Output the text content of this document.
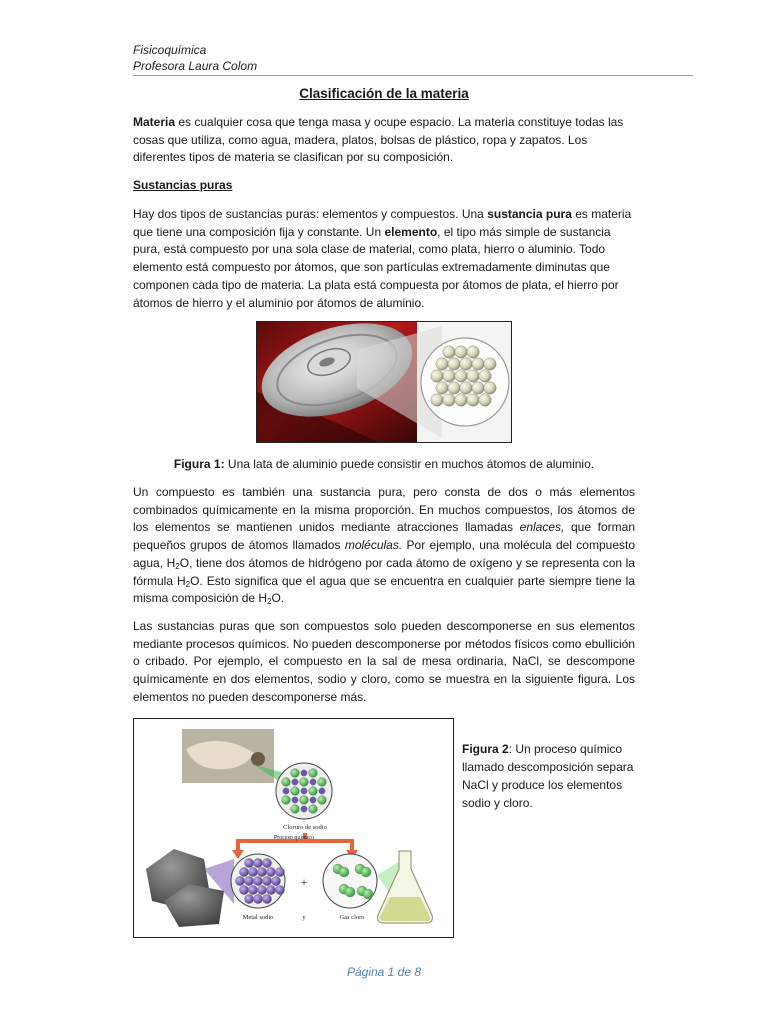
Fisicoquímica
Profesora Laura Colom
Clasificación de la materia

Materia es cualquier cosa que tenga masa y ocupe espacio. La materia constituye todas las cosas que utiliza, como agua, madera, platos, bolsas de plástico, ropa y zapatos. Los diferentes tipos de materia se clasifican por su composición.

Sustancias puras

Hay dos tipos de sustancias puras: elementos y compuestos. Una sustancia pura es materia que tiene una composición fija y constante. Un elemento, el tipo más simple de sustancia pura, está compuesto por una sola clase de material, como plata, hierro o aluminio. Todo elemento está compuesto por átomos, que son partículas extremadamente diminutas que componen cada tipo de materia. La plata está compuesta por átomos de plata, el hierro por átomos de hierro y el aluminio por átomos de aluminio.

Figura 1: Una lata de aluminio puede consistir en muchos átomos de aluminio.

Un compuesto es también una sustancia pura, pero consta de dos o más elementos combinados químicamente en la misma proporción. En muchos compuestos, los átomos de los elementos se mantienen unidos mediante atracciones llamadas enlaces, que forman pequeños grupos de átomos llamados moléculas. Por ejemplo, una molécula del compuesto agua, $H_2O$, tiene dos átomos de hidrógeno por cada átomo de oxígeno y se representa con la fórmula $H_2O$. Esto significa que el agua que se encuentra en cualquier parte siempre tiene la misma composición de $H_2O$.

Las sustancias puras que son compuestos solo pueden descomponerse en sus elementos mediante procesos químicos. No pueden descomponerse por métodos físicos como ebullición o cribado. Por ejemplo, el compuesto en la sal de mesa ordinaria, NaCl, se descompone químicamente en dos elementos, sodio y cloro, como se muestra en la siguiente figura. Los elementos no pueden descomponerse más.

Cloruro de sodio
Proceso químico
Metal sodio	y
+
Gas cloro
Figura 2: Un proceso químico llamado descomposición separa NaCl y produce los elementos sodio y cloro.
Página 1 de 8
